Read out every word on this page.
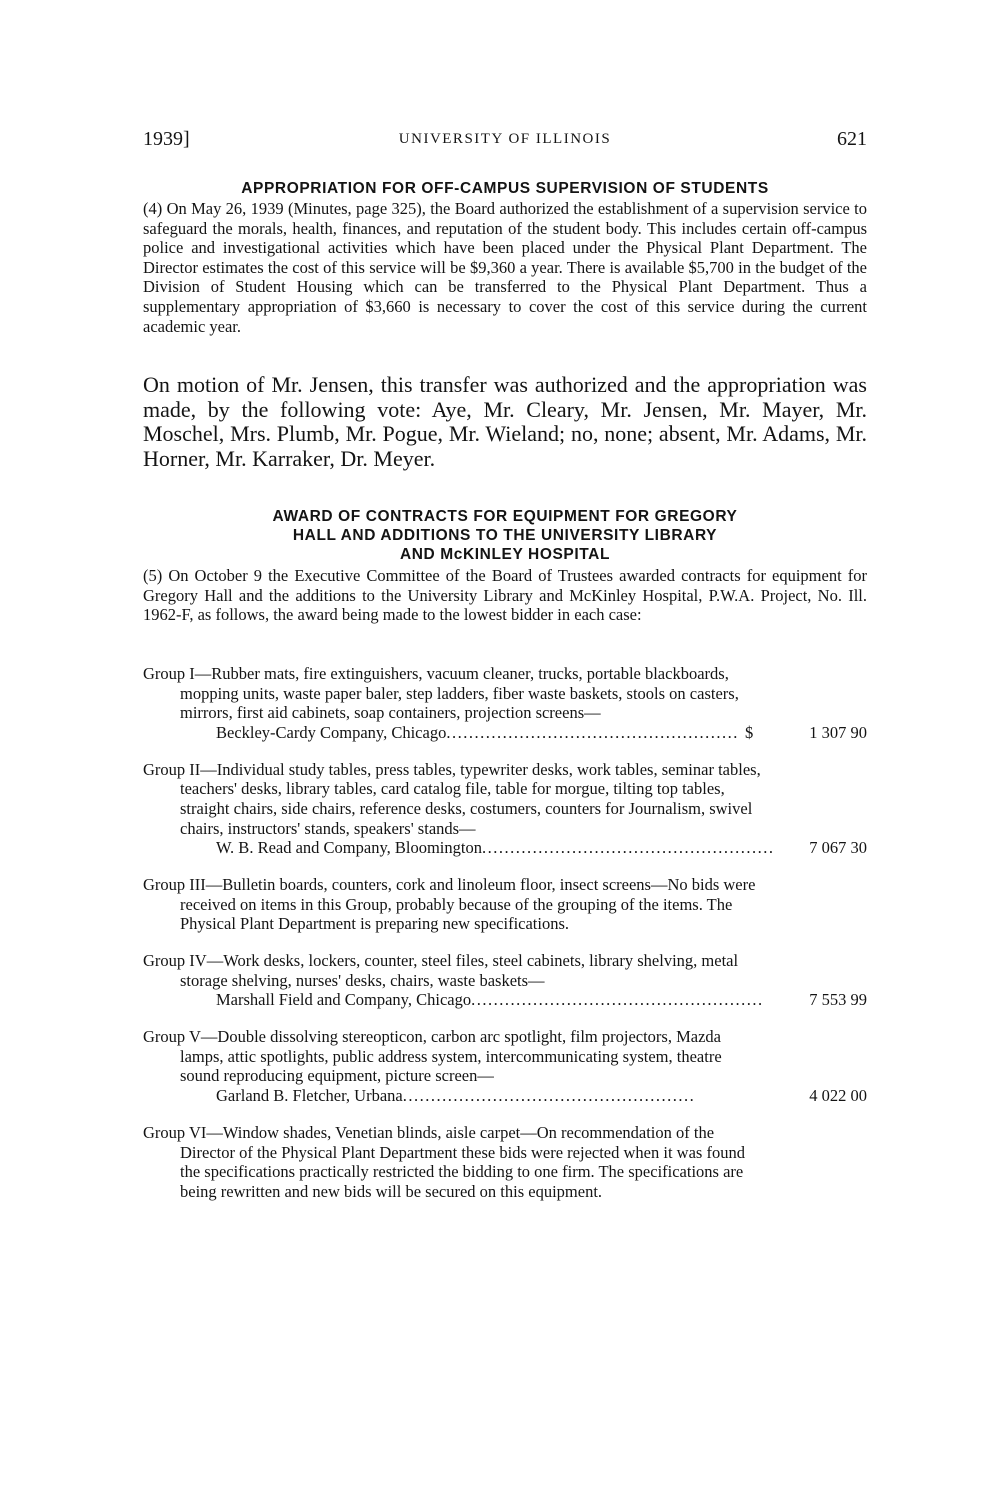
1939]	UNIVERSITY OF ILLINOIS	621
APPROPRIATION FOR OFF-CAMPUS SUPERVISION OF STUDENTS

(4) On May 26, 1939 (Minutes, page 325), the Board authorized the establishment of a supervision service to safeguard the morals, health, finances, and reputation of the student body. This includes certain off-campus police and investigational activities which have been placed under the Physical Plant Department. The Director estimates the cost of this service will be $9,360 a year. There is available $5,700 in the budget of the Division of Student Housing which can be transferred to the Physical Plant Department. Thus a supplementary appropriation of $3,660 is necessary to cover the cost of this service during the current academic year.

On motion of Mr. Jensen, this transfer was authorized and the appropriation was made, by the following vote: Aye, Mr. Cleary, Mr. Jensen, Mr. Mayer, Mr. Moschel, Mrs. Plumb, Mr. Pogue, Mr. Wieland; no, none; absent, Mr. Adams, Mr. Horner, Mr. Karraker, Dr. Meyer.

AWARD OF CONTRACTS FOR EQUIPMENT FOR GREGORY
HALL AND ADDITIONS TO THE UNIVERSITY LIBRARY
AND McKINLEY HOSPITAL

(5) On October 9 the Executive Committee of the Board of Trustees awarded contracts for equipment for Gregory Hall and the additions to the University Library and McKinley Hospital, P.W.A. Project, No. Ill. 1962-F, as follows, the award being made to the lowest bidder in each case:

Group I—Rubber mats, fire extinguishers, vacuum cleaner, trucks, portable blackboards, mopping units, waste paper baler, step ladders, fiber waste baskets, stools on casters, mirrors, first aid cabinets, soap containers, projection screens—
Beckley-Cardy Company, Chicago.................................................... $	1 307 90
Group II—Individual study tables, press tables, typewriter desks, work tables, seminar tables, teachers' desks, library tables, card catalog file, table for morgue, tilting top tables, straight chairs, side chairs, reference desks, costumers, counters for Journalism, swivel chairs, instructors' stands, speakers' stands—
W. B. Read and Company, Bloomington.................................................... 7 067 30
Group III—Bulletin boards, counters, cork and linoleum floor, insect screens—No bids were received on items in this Group, probably because of the grouping of the items. The Physical Plant Department is preparing new specifications.
Group IV—Work desks, lockers, counter, steel files, steel cabinets, library shelving, metal storage shelving, nurses' desks, chairs, waste baskets—
Marshall Field and Company, Chicago....................................................	7 553 99
Group V—Double dissolving stereopticon, carbon arc spotlight, film projectors, Mazda lamps, attic spotlights, public address system, intercommunicating system, theatre sound reproducing equipment, picture screen—
Garland B. Fletcher, Urbana....................................................	4 022 00
Group VI—Window shades, Venetian blinds, aisle carpet—On recommendation of the Director of the Physical Plant Department these bids were rejected when it was found the specifications practically restricted the bidding to one firm. The specifications are being rewritten and new bids will be secured on this equipment.
